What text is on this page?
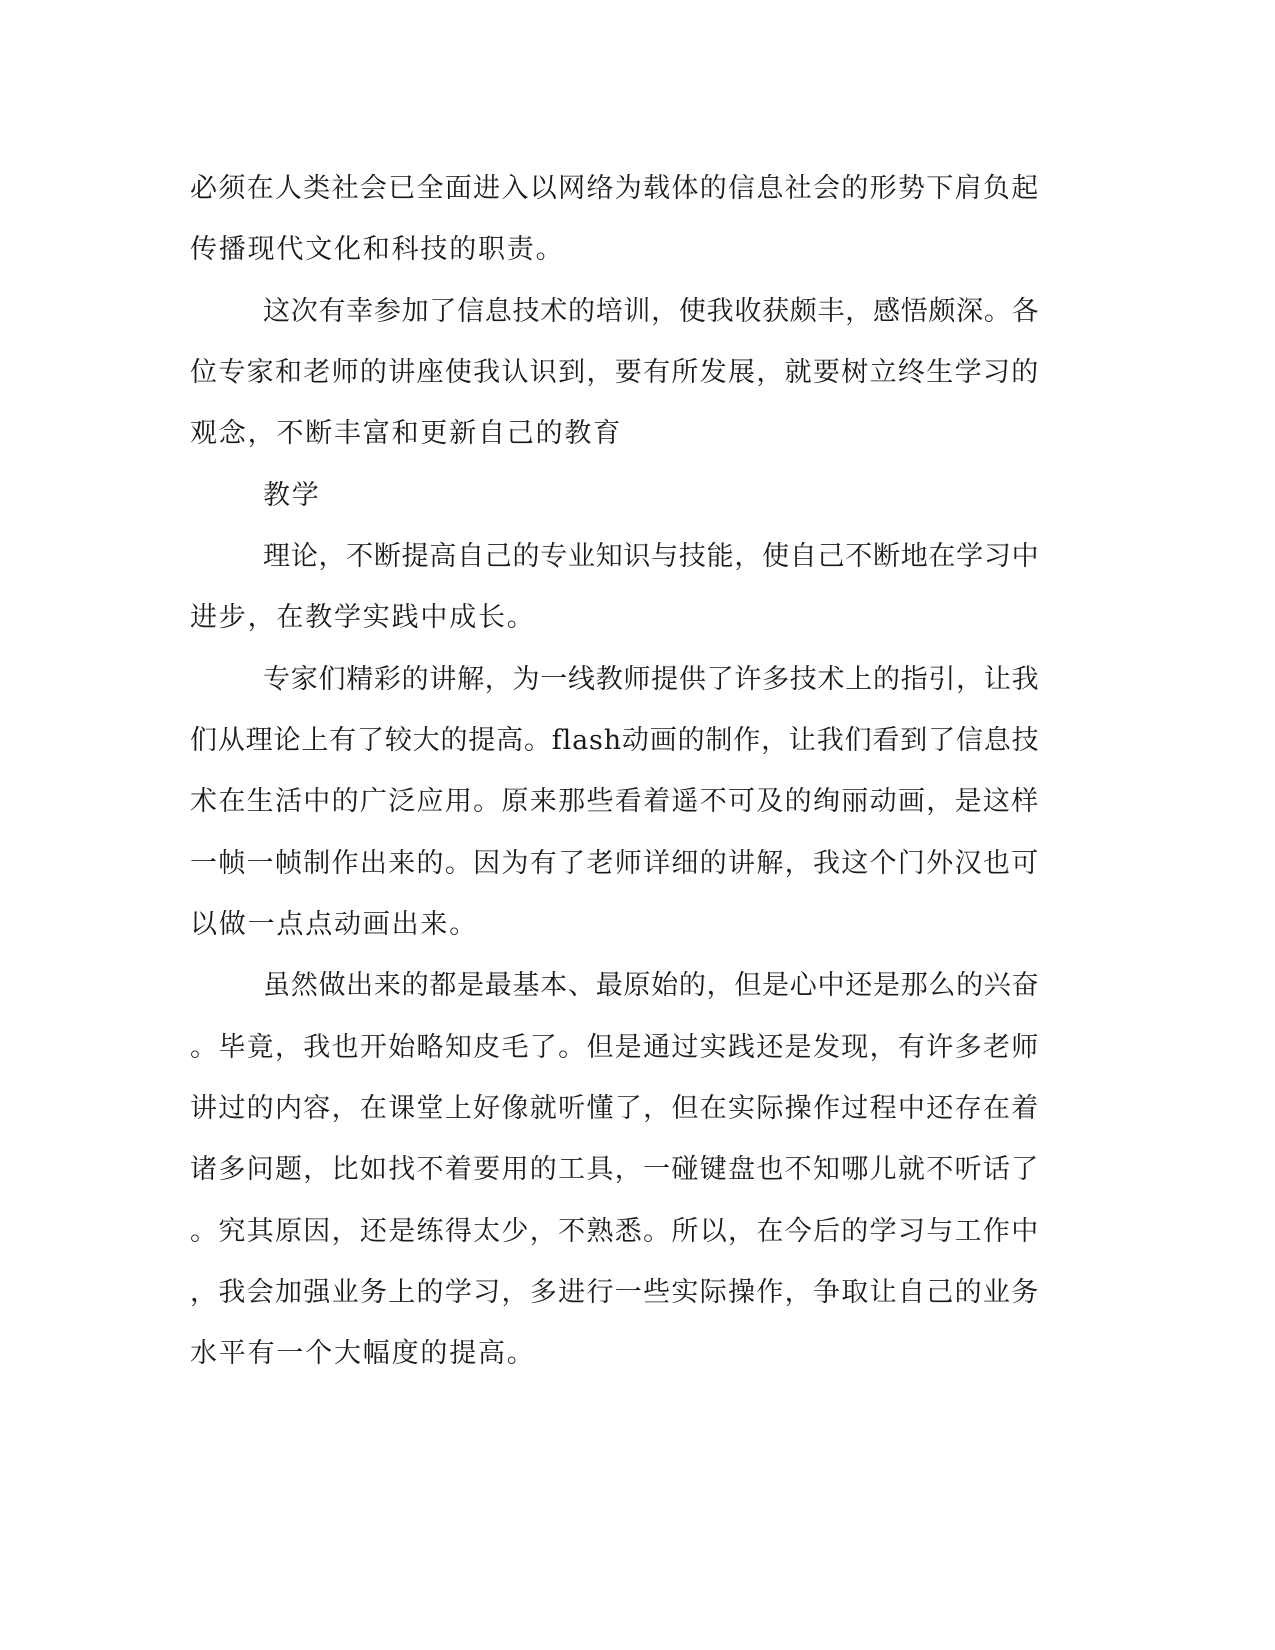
必须在人类社会已全面进入以网络为载体的信息社会的形势下肩负起
传播现代文化和科技的职责。
这次有幸参加了信息技术的培训，使我收获颇丰，感悟颇深。各
位专家和老师的讲座使我认识到，要有所发展，就要树立终生学习的
观念，不断丰富和更新自己的教育
教学
理论，不断提高自己的专业知识与技能，使自己不断地在学习中
进步，在教学实践中成长。
专家们精彩的讲解，为一线教师提供了许多技术上的指引，让我
们从理论上有了较大的提高。flash动画的制作，让我们看到了信息技
术在生活中的广泛应用。原来那些看着遥不可及的绚丽动画，是这样
一帧一帧制作出来的。因为有了老师详细的讲解，我这个门外汉也可
以做一点点动画出来。
虽然做出来的都是最基本、最原始的，但是心中还是那么的兴奋
。毕竟，我也开始略知皮毛了。但是通过实践还是发现，有许多老师
讲过的内容，在课堂上好像就听懂了，但在实际操作过程中还存在着
诸多问题，比如找不着要用的工具，一碰键盘也不知哪儿就不听话了
。究其原因，还是练得太少，不熟悉。所以，在今后的学习与工作中
，我会加强业务上的学习，多进行一些实际操作，争取让自己的业务
水平有一个大幅度的提高。
